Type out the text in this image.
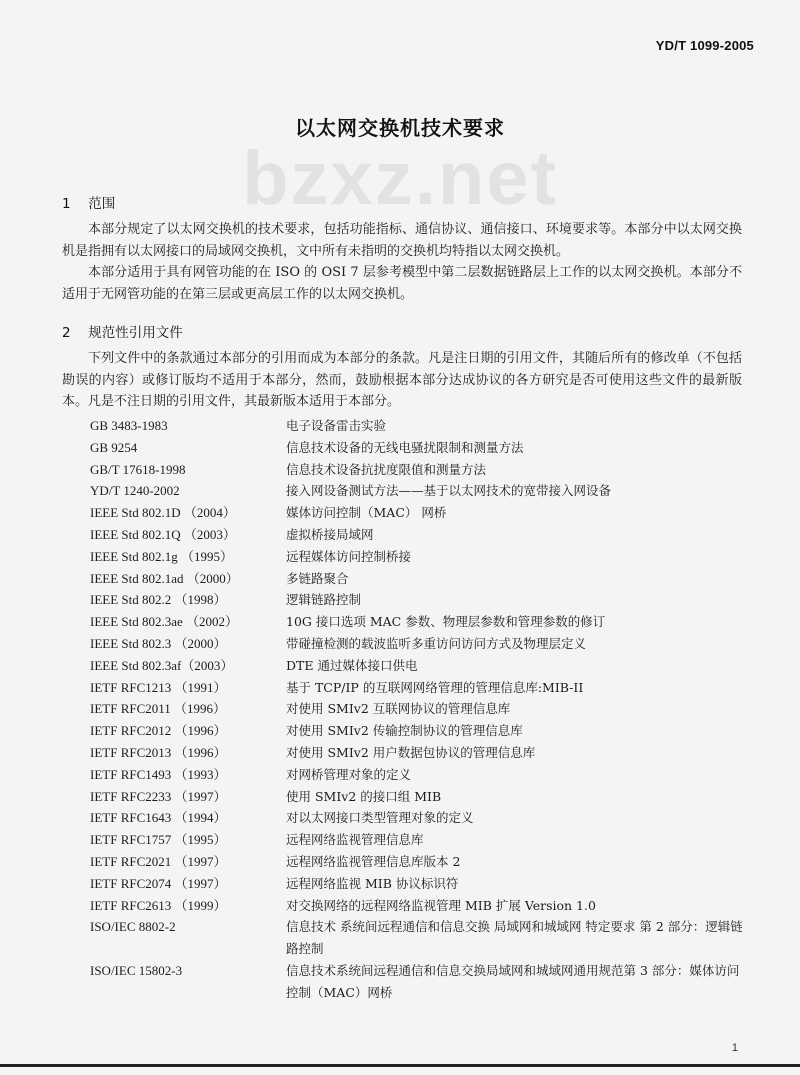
YD/T 1099-2005
bzxz.net
以太网交换机技术要求
1 范围
本部分规定了以太网交换机的技术要求，包括功能指标、通信协议、通信接口、环境要求等。本部分中以太网交换机是指拥有以太网接口的局域网交换机，文中所有未指明的交换机均特指以太网交换机。
本部分适用于具有网管功能的在 ISO 的 OSI 7 层参考模型中第二层数据链路层上工作的以太网交换机。本部分不适用于无网管功能的在第三层或更高层工作的以太网交换机。
2 规范性引用文件
下列文件中的条款通过本部分的引用而成为本部分的条款。凡是注日期的引用文件，其随后所有的修改单（不包括勘误的内容）或修订版均不适用于本部分，然而，鼓励根据本部分达成协议的各方研究是否可使用这些文件的最新版本。凡是不注日期的引用文件，其最新版本适用于本部分。
GB 3483-1983	电子设备雷击实验
GB 9254	信息技术设备的无线电骚扰限制和测量方法
GB/T 17618-1998	信息技术设备抗扰度限值和测量方法
YD/T 1240-2002	接入网设备测试方法——基于以太网技术的宽带接入网设备
IEEE Std 802.1D （2004）	媒体访问控制（MAC） 网桥
IEEE Std 802.1Q （2003）	虚拟桥接局域网
IEEE Std 802.1g （1995）	远程媒体访问控制桥接
IEEE Std 802.1ad （2000）	多链路聚合
IEEE Std 802.2 （1998）	逻辑链路控制
IEEE Std 802.3ae （2002）	10G 接口选项 MAC 参数、物理层参数和管理参数的修订
IEEE Std 802.3 （2000）	带碰撞检测的载波监听多重访问访问方式及物理层定义
IEEE Std 802.3af（2003）	DTE 通过媒体接口供电
IETF RFC1213 （1991）	基于 TCP/IP 的互联网网络管理的管理信息库:MIB-II
IETF RFC2011 （1996）	对使用 SMIv2 互联网协议的管理信息库
IETF RFC2012 （1996）	对使用 SMIv2 传输控制协议的管理信息库
IETF RFC2013 （1996）	对使用 SMIv2 用户数据包协议的管理信息库
IETF RFC1493 （1993）	对网桥管理对象的定义
IETF RFC2233 （1997）	使用 SMIv2 的接口组 MIB
IETF RFC1643 （1994）	对以太网接口类型管理对象的定义
IETF RFC1757 （1995）	远程网络监视管理信息库
IETF RFC2021 （1997）	远程网络监视管理信息库版本 2
IETF RFC2074 （1997）	远程网络监视 MIB 协议标识符
IETF RFC2613 （1999）	对交换网络的远程网络监视管理 MIB 扩展 Version 1.0
ISO/IEC 8802-2	信息技术 系统间远程通信和信息交换 局域网和城域网 特定要求 第 2 部分：逻辑链路控制
ISO/IEC 15802-3	信息技术系统间远程通信和信息交换局域网和城域网通用规范第 3 部分：媒体访问控制（MAC）网桥
1
